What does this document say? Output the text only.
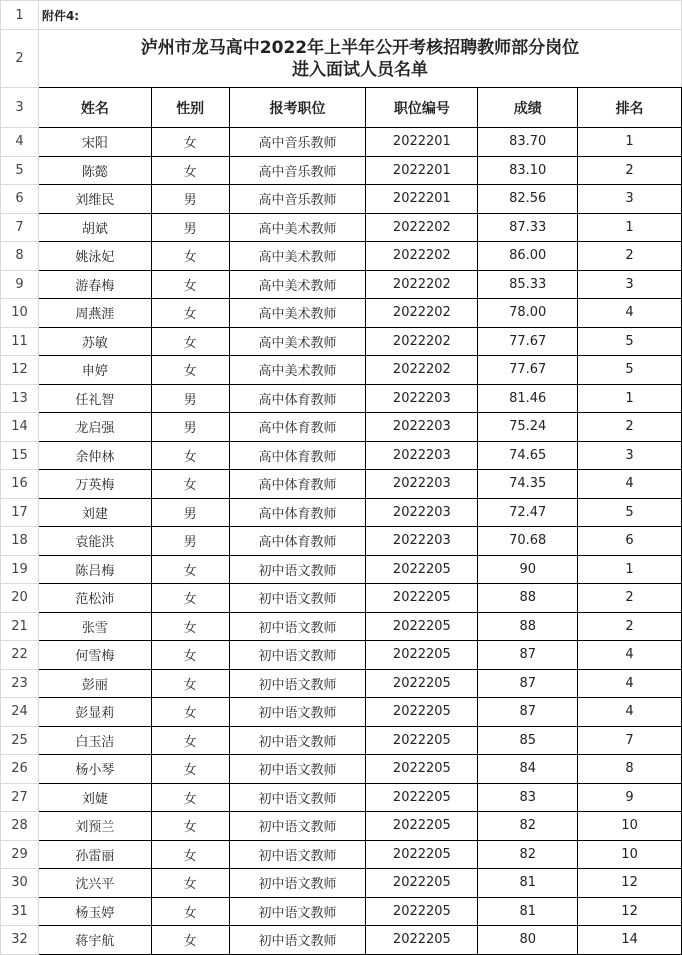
1	附件4:					
2	泸州市龙马高中2022年上半年公开考核招聘教师部分岗位
进入面试人员名单					

3	姓名	性别	报考职位	职位编号	成绩	排名
4	宋阳	女	高中音乐教师	2022201	83.70	1
5	陈懿	女	高中音乐教师	2022201	83.10	2
6	刘维民	男	高中音乐教师	2022201	82.56	3
7	胡斌	男	高中美术教师	2022202	87.33	1
8	姚泳妃	女	高中美术教师	2022202	86.00	2
9	游春梅	女	高中美术教师	2022202	85.33	3
10	周燕涯	女	高中美术教师	2022202	78.00	4
11	苏敏	女	高中美术教师	2022202	77.67	5
12	申婷	女	高中美术教师	2022202	77.67	5
13	任礼智	男	高中体育教师	2022203	81.46	1
14	龙启强	男	高中体育教师	2022203	75.24	2
15	余仲林	女	高中体育教师	2022203	74.65	3
16	万英梅	女	高中体育教师	2022203	74.35	4
17	刘建	男	高中体育教师	2022203	72.47	5
18	袁能洪	男	高中体育教师	2022203	70.68	6
19	陈吕梅	女	初中语文教师	2022205	90	1
20	范松沛	女	初中语文教师	2022205	88	2
21	张雪	女	初中语文教师	2022205	88	2
22	何雪梅	女	初中语文教师	2022205	87	4
23	彭丽	女	初中语文教师	2022205	87	4
24	彭显莉	女	初中语文教师	2022205	87	4
25	白玉洁	女	初中语文教师	2022205	85	7
26	杨小琴	女	初中语文教师	2022205	84	8
27	刘婕	女	初中语文教师	2022205	83	9
28	刘预兰	女	初中语文教师	2022205	82	10
29	孙雷丽	女	初中语文教师	2022205	82	10
30	沈兴平	女	初中语文教师	2022205	81	12
31	杨玉婷	女	初中语文教师	2022205	81	12
32	蒋宇航	女	初中语文教师	2022205	80	14
